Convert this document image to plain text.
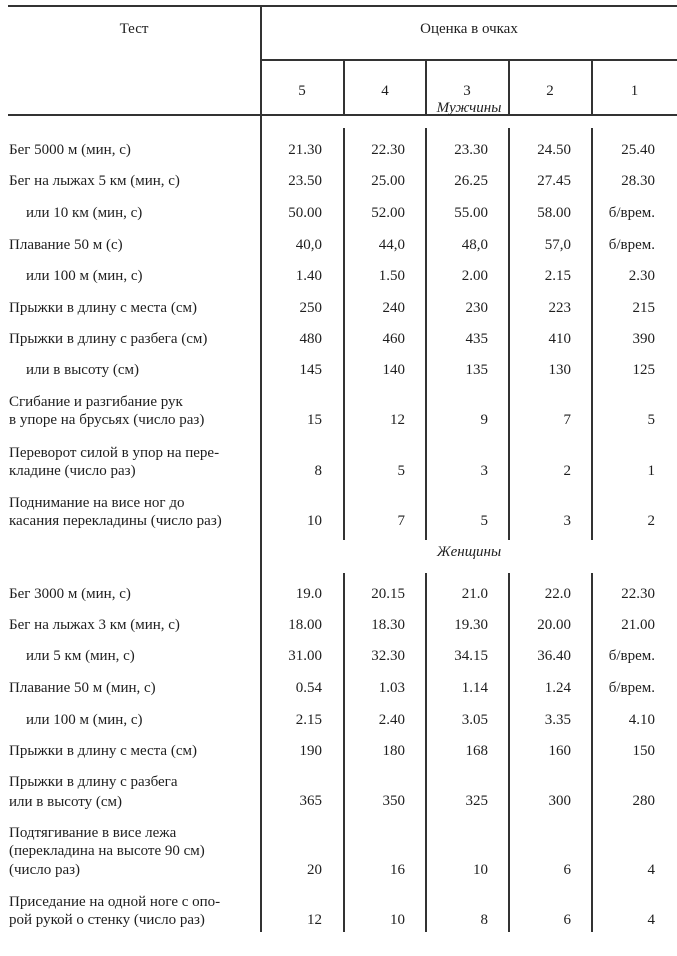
Тест	Оценка в очках
5	4	3	2	1
Мужчины
Женщины
Бег 5000 м (мин, с)	21.30	22.30	23.30	24.50	25.40
Бег на лыжах 5 км (мин, с)	23.50	25.00	26.25	27.45	28.30
или 10 км (мин, с)	50.00	52.00	55.00	58.00	б/врем.
Плавание 50 м (с)	40,0	44,0	48,0	57,0	б/врем.
или 100 м (мин, с)	1.40	1.50	2.00	2.15	2.30
Прыжки в длину с места (см)	250	240	230	223	215
Прыжки в длину с разбега (см)	480	460	435	410	390
или в высоту (см)	145	140	135	130	125
Сгибание и разгибание рук
в упоре на брусьях (число раз)	15	12	9	7	5
Переворот силой в упор на пере-
кладине (число раз)	8	5	3	2	1
Поднимание на висе ног до
касания перекладины (число раз)	10	7	5	3	2
Бег 3000 м (мин, с)	19.0	20.15	21.0	22.0	22.30
Бег на лыжах 3 км (мин, с)	18.00	18.30	19.30	20.00	21.00
или 5 км (мин, с)	31.00	32.30	34.15	36.40	б/врем.
Плавание 50 м (мин, с)	0.54	1.03	1.14	1.24	б/врем.
или 100 м (мин, с)	2.15	2.40	3.05	3.35	4.10
Прыжки в длину с места (см)	190	180	168	160	150
Прыжки в длину с разбега
или в высоту (см)	365	350	325	300	280
Подтягивание в висе лежа
(перекладина на высоте 90 см)
(число раз)	20	16	10	6	4
Приседание на одной ноге с опо-
рой рукой о стенку (число раз)	12	10	8	6	4
